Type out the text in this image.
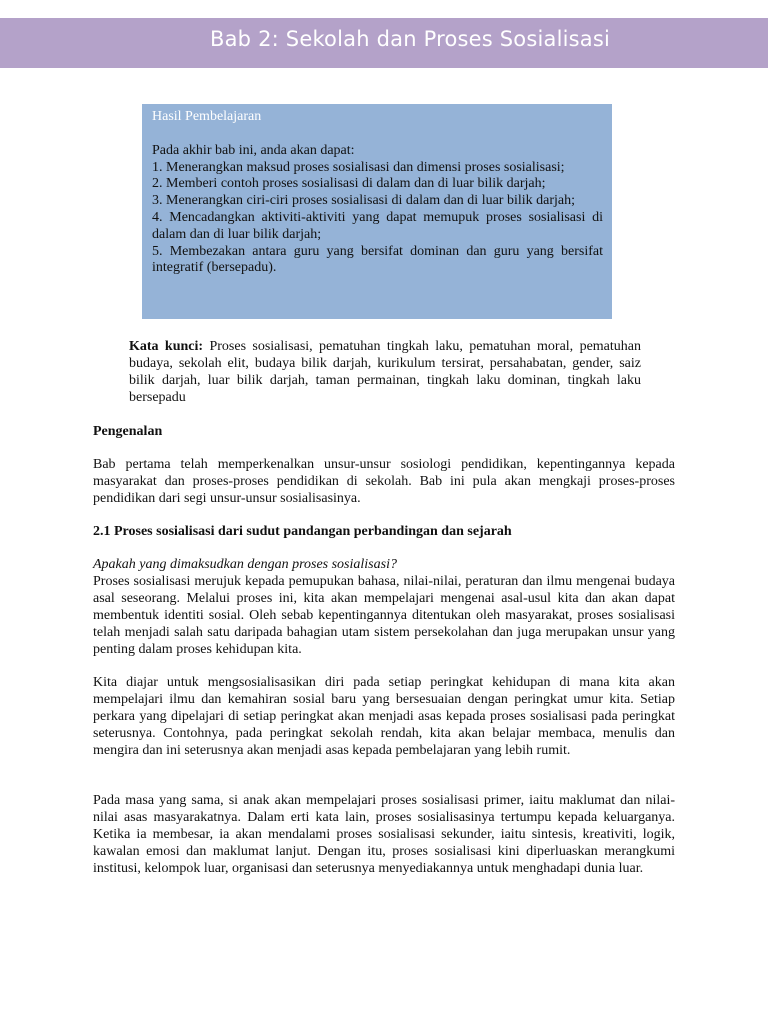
Bab 2: Sekolah dan Proses Sosialisasi

Hasil Pembelajaran

Pada akhir bab ini, anda akan dapat:

1. Menerangkan maksud proses sosialisasi dan dimensi proses sosialisasi;
2. Memberi contoh proses sosialisasi di dalam dan di luar bilik darjah;
3. Menerangkan ciri-ciri proses sosialisasi di dalam dan di luar bilik darjah;
4. Mencadangkan aktiviti-aktiviti yang dapat memupuk proses sosialisasi di dalam dan di luar bilik darjah;
5. Membezakan antara guru yang bersifat dominan dan guru yang bersifat integratif (bersepadu).

Kata kunci: Proses sosialisasi, pematuhan tingkah laku, pematuhan moral, pematuhan budaya, sekolah elit, budaya bilik darjah, kurikulum tersirat, persahabatan, gender, saiz bilik darjah, luar bilik darjah, taman permainan, tingkah laku dominan, tingkah laku bersepadu

Pengenalan

Bab pertama telah memperkenalkan unsur-unsur sosiologi pendidikan, kepentingannya kepada masyarakat dan proses-proses pendidikan di sekolah. Bab ini pula akan mengkaji proses-proses pendidikan dari segi unsur-unsur sosialisasinya.

2.1 Proses sosialisasi dari sudut pandangan perbandingan dan sejarah

Apakah yang dimaksudkan dengan proses sosialisasi?

Proses sosialisasi merujuk kepada pemupukan bahasa, nilai-nilai, peraturan dan ilmu mengenai budaya asal seseorang. Melalui proses ini, kita akan mempelajari mengenai asal-usul kita dan akan dapat membentuk identiti sosial. Oleh sebab kepentingannya ditentukan oleh masyarakat, proses sosialisasi telah menjadi salah satu daripada bahagian utam sistem persekolahan dan juga merupakan unsur yang penting dalam proses kehidupan kita.

Kita diajar untuk mengsosialisasikan diri pada setiap peringkat kehidupan di mana kita akan mempelajari ilmu dan kemahiran sosial baru yang bersesuaian dengan peringkat umur kita. Setiap perkara yang dipelajari di setiap peringkat akan menjadi asas kepada proses sosialisasi pada peringkat seterusnya. Contohnya, pada peringkat sekolah rendah, kita akan belajar membaca, menulis dan mengira dan ini seterusnya akan menjadi asas kepada pembelajaran yang lebih rumit.

Pada masa yang sama, si anak akan mempelajari proses sosialisasi primer, iaitu maklumat dan nilai-nilai asas masyarakatnya. Dalam erti kata lain, proses sosialisasinya tertumpu kepada keluarganya. Ketika ia membesar, ia akan mendalami proses sosialisasi sekunder, iaitu sintesis, kreativiti, logik, kawalan emosi dan maklumat lanjut. Dengan itu, proses sosialisasi kini diperluaskan merangkumi institusi, kelompok luar, organisasi dan seterusnya menyediakannya untuk menghadapi dunia luar.
